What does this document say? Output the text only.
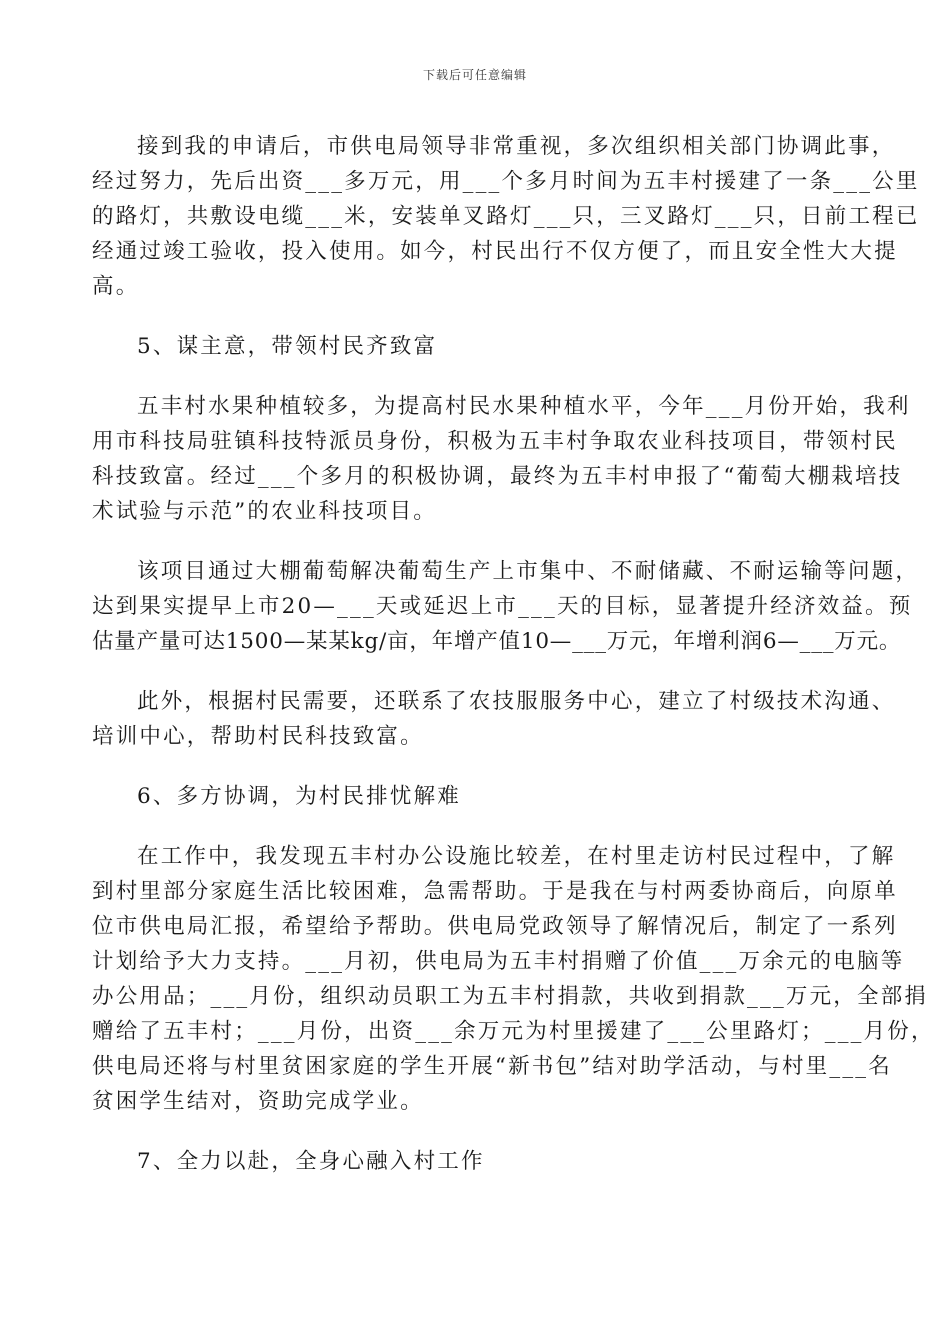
下载后可任意编辑
接到我的申请后，市供电局领导非常重视，多次组织相关部门协调此事，
经过努力，先后出资___多万元，用___个多月时间为五丰村援建了一条___公里
的路灯，共敷设电缆___米，安装单叉路灯___只，三叉路灯___只，日前工程已
经通过竣工验收，投入使用。如今，村民出行不仅方便了，而且安全性大大提
高。
5、谋主意，带领村民齐致富
五丰村水果种植较多，为提高村民水果种植水平，今年___月份开始，我利
用市科技局驻镇科技特派员身份，积极为五丰村争取农业科技项目，带领村民
科技致富。经过___个多月的积极协调，最终为五丰村申报了“葡萄大棚栽培技
术试验与示范”的农业科技项目。
该项目通过大棚葡萄解决葡萄生产上市集中、不耐储藏、不耐运输等问题，
达到果实提早上市20—___天或延迟上市___天的目标，显著提升经济效益。预
估量产量可达1500—某某kg/亩，年增产值10—___万元，年增利润6—___万元。
此外，根据村民需要，还联系了农技服服务中心，建立了村级技术沟通、
培训中心，帮助村民科技致富。
6、多方协调，为村民排忧解难
在工作中，我发现五丰村办公设施比较差，在村里走访村民过程中，了解
到村里部分家庭生活比较困难，急需帮助。于是我在与村两委协商后，向原单
位市供电局汇报，希望给予帮助。供电局党政领导了解情况后，制定了一系列
计划给予大力支持。___月初，供电局为五丰村捐赠了价值___万余元的电脑等
办公用品；___月份，组织动员职工为五丰村捐款，共收到捐款___万元，全部捐
赠给了五丰村；___月份，出资___余万元为村里援建了___公里路灯；___月份，
供电局还将与村里贫困家庭的学生开展“新书包”结对助学活动，与村里___名
贫困学生结对，资助完成学业。
7、全力以赴，全身心融入村工作
